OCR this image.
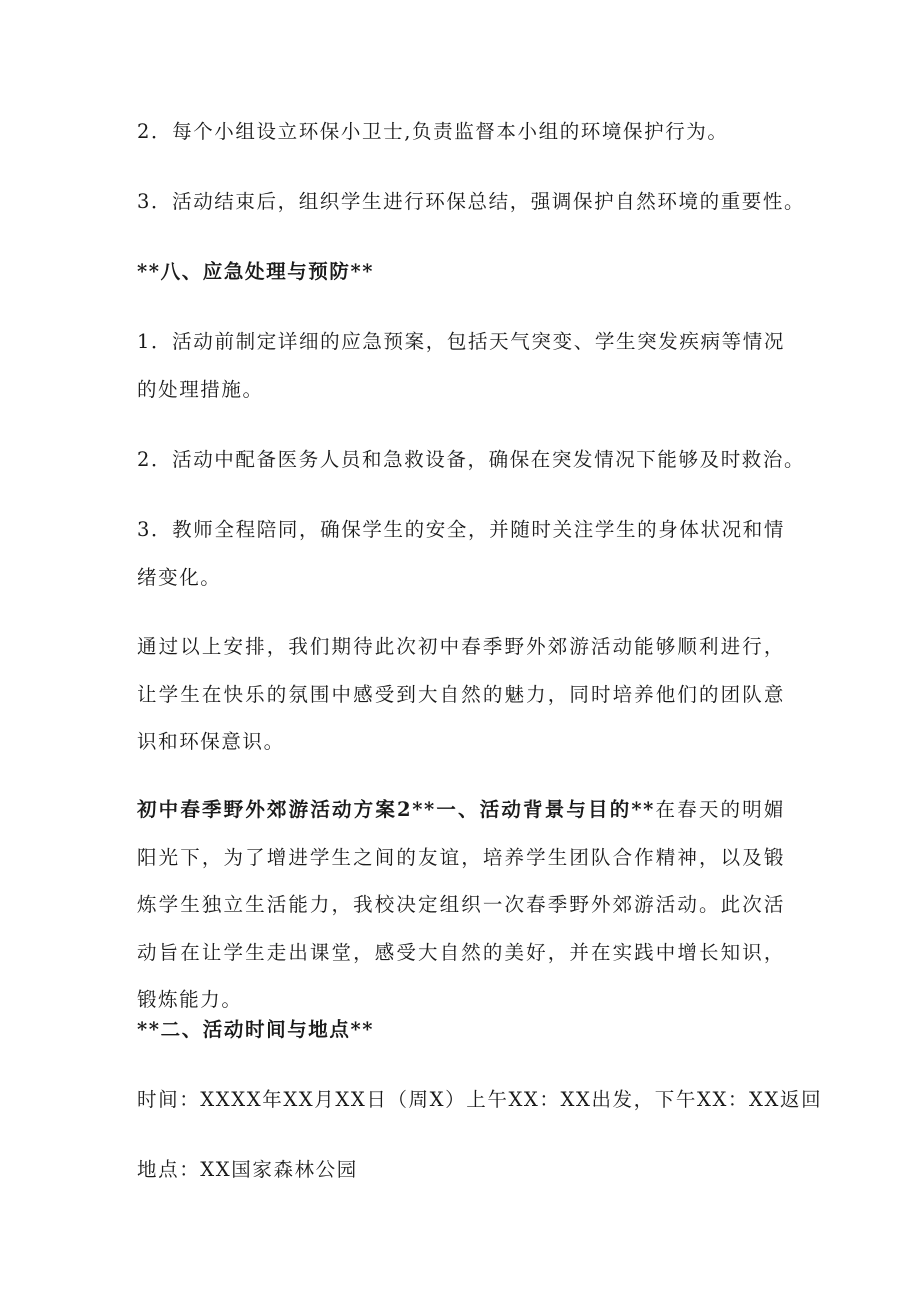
2．每个小组设立环保小卫士,负责监督本小组的环境保护行为。
3．活动结束后，组织学生进行环保总结，强调保护自然环境的重要性。
**八、应急处理与预防**
1．活动前制定详细的应急预案，包括天气突变、学生突发疾病等情况的处理措施。
2．活动中配备医务人员和急救设备，确保在突发情况下能够及时救治。
3．教师全程陪同，确保学生的安全，并随时关注学生的身体状况和情绪变化。
通过以上安排，我们期待此次初中春季野外郊游活动能够顺利进行，让学生在快乐的氛围中感受到大自然的魅力，同时培养他们的团队意识和环保意识。
初中春季野外郊游活动方案2**一、活动背景与目的**在春天的明媚阳光下，为了增进学生之间的友谊，培养学生团队合作精神，以及锻炼学生独立生活能力，我校决定组织一次春季野外郊游活动。此次活动旨在让学生走出课堂，感受大自然的美好，并在实践中增长知识，锻炼能力。
**二、活动时间与地点**
时间：XXXX年XX月XX日（周X）上午XX：XX出发，下午XX：XX返回
地点：XX国家森林公园
